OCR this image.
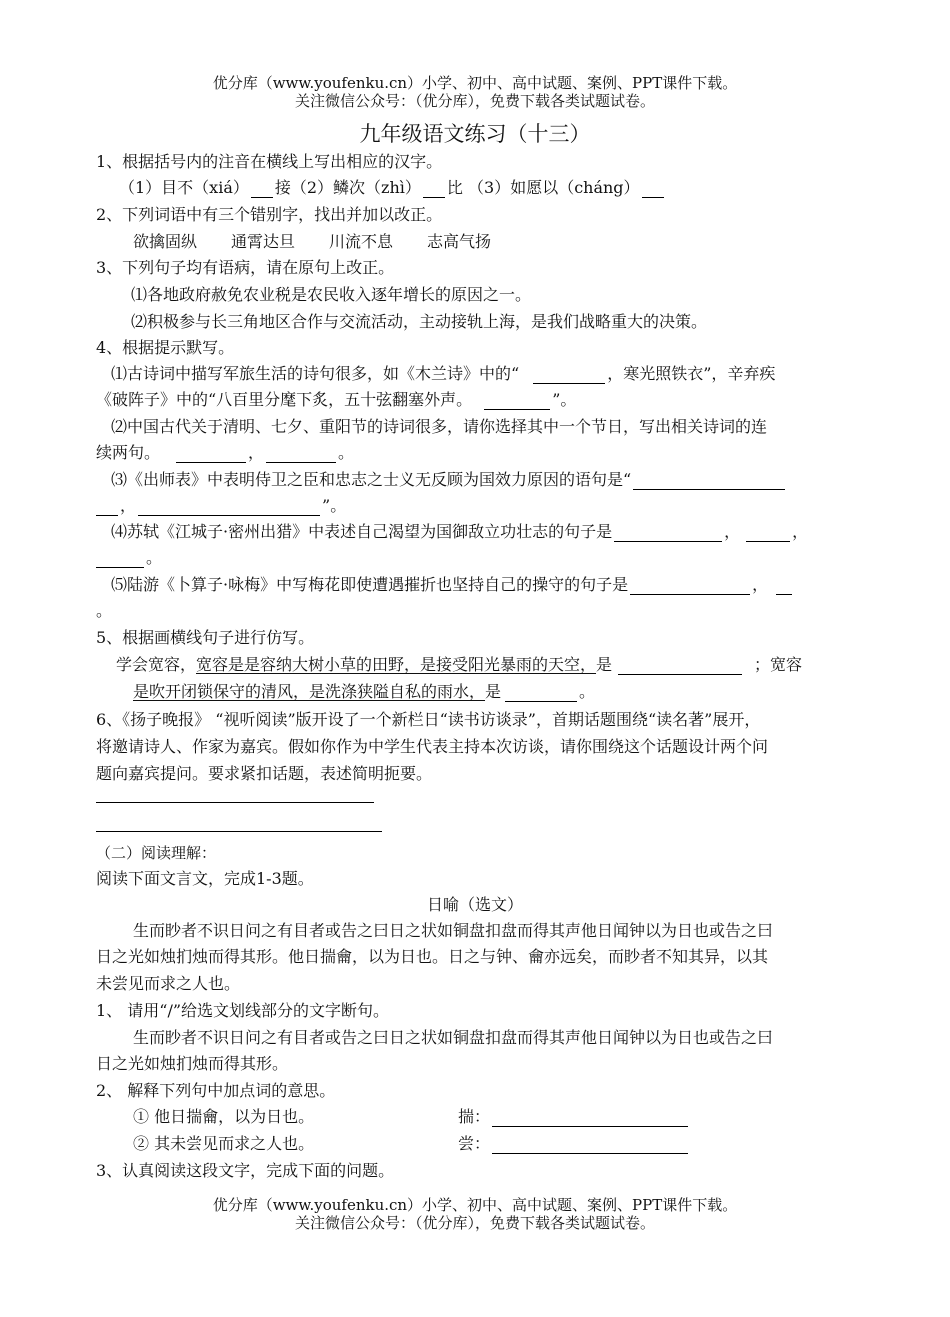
优分库（www.youfenku.cn）小学、初中、高中试题、案例、PPT课件下载。
关注微信公众号：（优分库），免费下载各类试题试卷。
九年级语文练习（十三）
1、根据括号内的注音在横线上写出相应的汉字。
（1）目不（xiá） 接（2）鳞次（zhì） 比 （3）如愿以（cháng）
2、下列词语中有三个错别字，找出并加以改正。
欲擒固纵 通霄达旦 川流不息 志高气扬
3、下列句子均有语病，请在原句上改正。
⑴各地政府赦免农业税是农民收入逐年增长的原因之一。
⑵积极参与长三角地区合作与交流活动，主动接轨上海，是我们战略重大的决策。
4、根据提示默写。
⑴古诗词中描写军旅生活的诗句很多，如《木兰诗》中的“	，寒光照铁衣”，辛弃疾
《破阵子》中的“八百里分麾下炙，五十弦翻塞外声。	”。
⑵中国古代关于清明、七夕、重阳节的诗词很多，请你选择其中一个节日，写出相关诗词的连
续两句。	，	。
⑶《出师表》中表明侍卫之臣和忠志之士义无反顾为国效力原因的语句是“
，	”。
⑷苏轼《江城子·密州出猎》中表述自己渴望为国御敌立功壮志的句子是	，	，
。
⑸陆游《卜算子·咏梅》中写梅花即使遭遇摧折也坚持自己的操守的句子是	，
。
5、根据画横线句子进行仿写。
学会宽容，宽容是是容纳大树小草的田野，是接受阳光暴雨的天空，是	；宽容
是吹开闭锁保守的清风，是洗涤狭隘自私的雨水，是	。
6、《扬子晚报》 “视听阅读”版开设了一个新栏日“读书访谈录”，首期话题围绕“读名著”展开，
将邀请诗人、作家为嘉宾。假如你作为中学生代表主持本次访谈，请你围绕这个话题设计两个问
题向嘉宾提问。要求紧扣话题，表述简明扼要。
（二）阅读理解：
阅读下面文言文，完成1-3题。
日喻（选文）
生而眇者不识日问之有目者或告之曰日之状如铜盘扣盘而得其声他日闻钟以为日也或告之曰
日之光如烛扪烛而得其形。他日揣龠，以为日也。日之与钟、龠亦远矣，而眇者不知其异，以其
未尝见而求之人也。
1、 请用“/”给选文划线部分的文字断句。
生而眇者不识日问之有目者或告之曰日之状如铜盘扣盘而得其声他日闻钟以为日也或告之曰
日之光如烛扪烛而得其形。
2、 解释下列句中加点词的意思。
① 他日揣龠，以为日也。	揣：
② 其未尝见而求之人也。	尝：
3、认真阅读这段文字，完成下面的问题。
优分库（www.youfenku.cn）小学、初中、高中试题、案例、PPT课件下载。
关注微信公众号：（优分库），免费下载各类试题试卷。
